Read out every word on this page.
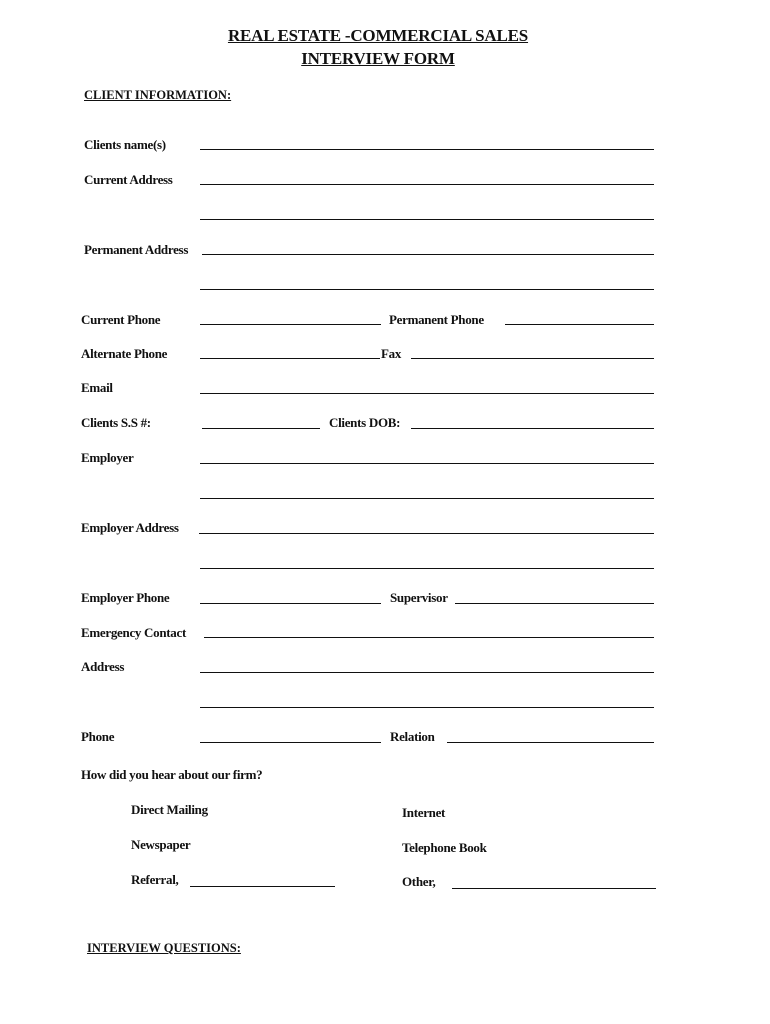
REAL ESTATE -COMMERCIAL SALES
INTERVIEW FORM
CLIENT INFORMATION:
Clients name(s)
Current Address
Permanent Address
Current Phone	Permanent Phone
Alternate Phone	Fax
Email
Clients S.S #:	Clients DOB:
Employer
Employer Address
Employer Phone	Supervisor
Emergency Contact
Address
Phone	Relation
How did you hear about our firm?
Direct Mailing	Internet
Newspaper	Telephone Book
Referral,	Other,
INTERVIEW QUESTIONS:
